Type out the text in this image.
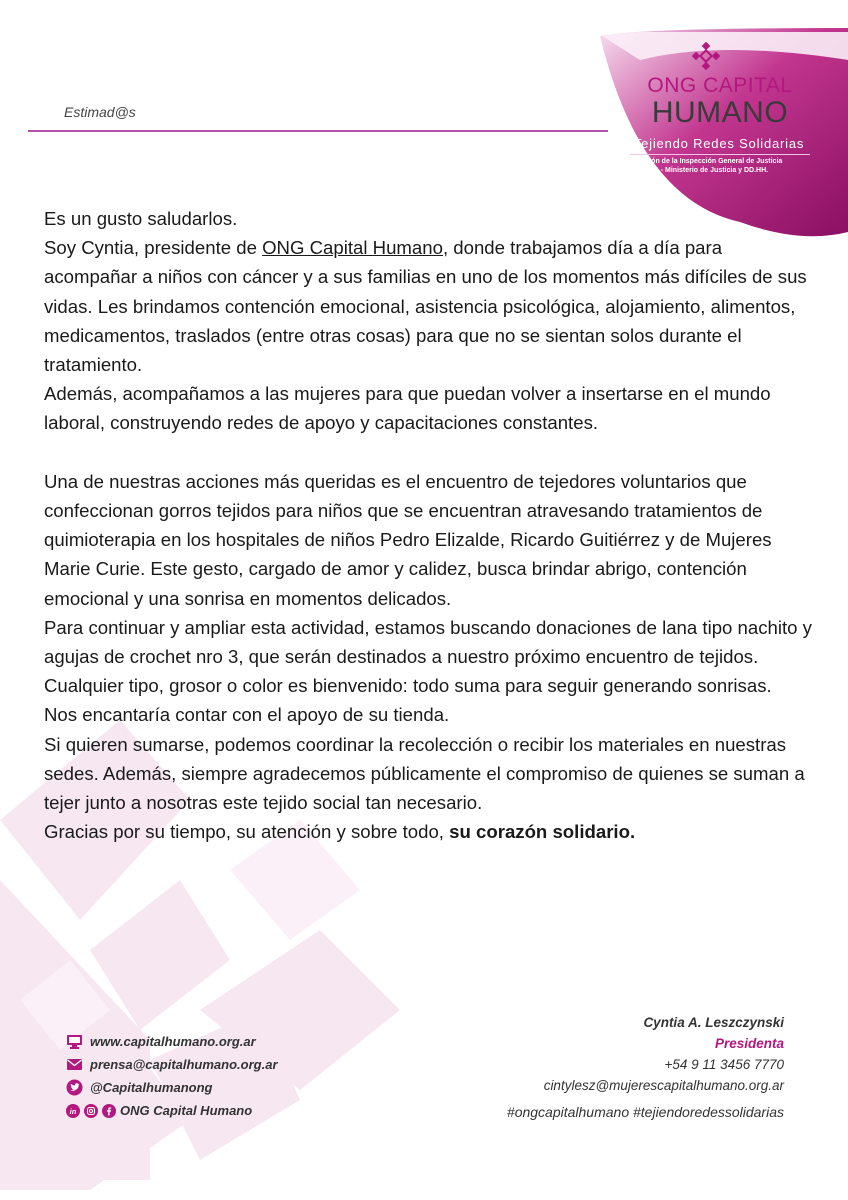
Estimad@s
ONG CAPITAL
HUMANO
Tejiendo Redes Solidarias
Resolución de la Inspección General de Justicia
Nº 0001571 - Ministerio de Justicia y DD.HH.

Es un gusto saludarlos.

Soy Cyntia, presidente de ONG Capital Humano, donde trabajamos día a día para acompañar a niños con cáncer y a sus familias en uno de los momentos más difíciles de sus vidas. Les brindamos contención emocional, asistencia psicológica, alojamiento, alimentos, medicamentos, traslados (entre otras cosas) para que no se sientan solos durante el tratamiento.

Además, acompañamos a las mujeres para que puedan volver a insertarse en el mundo laboral, construyendo redes de apoyo y capacitaciones constantes.

Una de nuestras acciones más queridas es el encuentro de tejedores voluntarios que confeccionan gorros tejidos para niños que se encuentran atravesando tratamientos de quimioterapia en los hospitales de niños Pedro Elizalde, Ricardo Guitiérrez y de Mujeres Marie Curie. Este gesto, cargado de amor y calidez, busca brindar abrigo, contención emocional y una sonrisa en momentos delicados.

Para continuar y ampliar esta actividad, estamos buscando donaciones de lana tipo nachito y agujas de crochet nro 3, que serán destinados a nuestro próximo encuentro de tejidos. Cualquier tipo, grosor o color es bienvenido: todo suma para seguir generando sonrisas.

Nos encantaría contar con el apoyo de su tienda.

Si quieren sumarse, podemos coordinar la recolección o recibir los materiales en nuestras sedes. Además, siempre agradecemos públicamente el compromiso de quienes se suman a tejer junto a nosotras este tejido social tan necesario.

Gracias por su tiempo, su atención y sobre todo, su corazón solidario.

www.capitalhumano.org.ar
prensa@capitalhumano.org.ar
@Capitalhumanong
in	ONG Capital Humano
Cyntia A. Leszczynski
Presidenta
+54 9 11 3456 7770
cintylesz@mujerescapitalhumano.org.ar
#ongcapitalhumano #tejiendoredessolidarias
